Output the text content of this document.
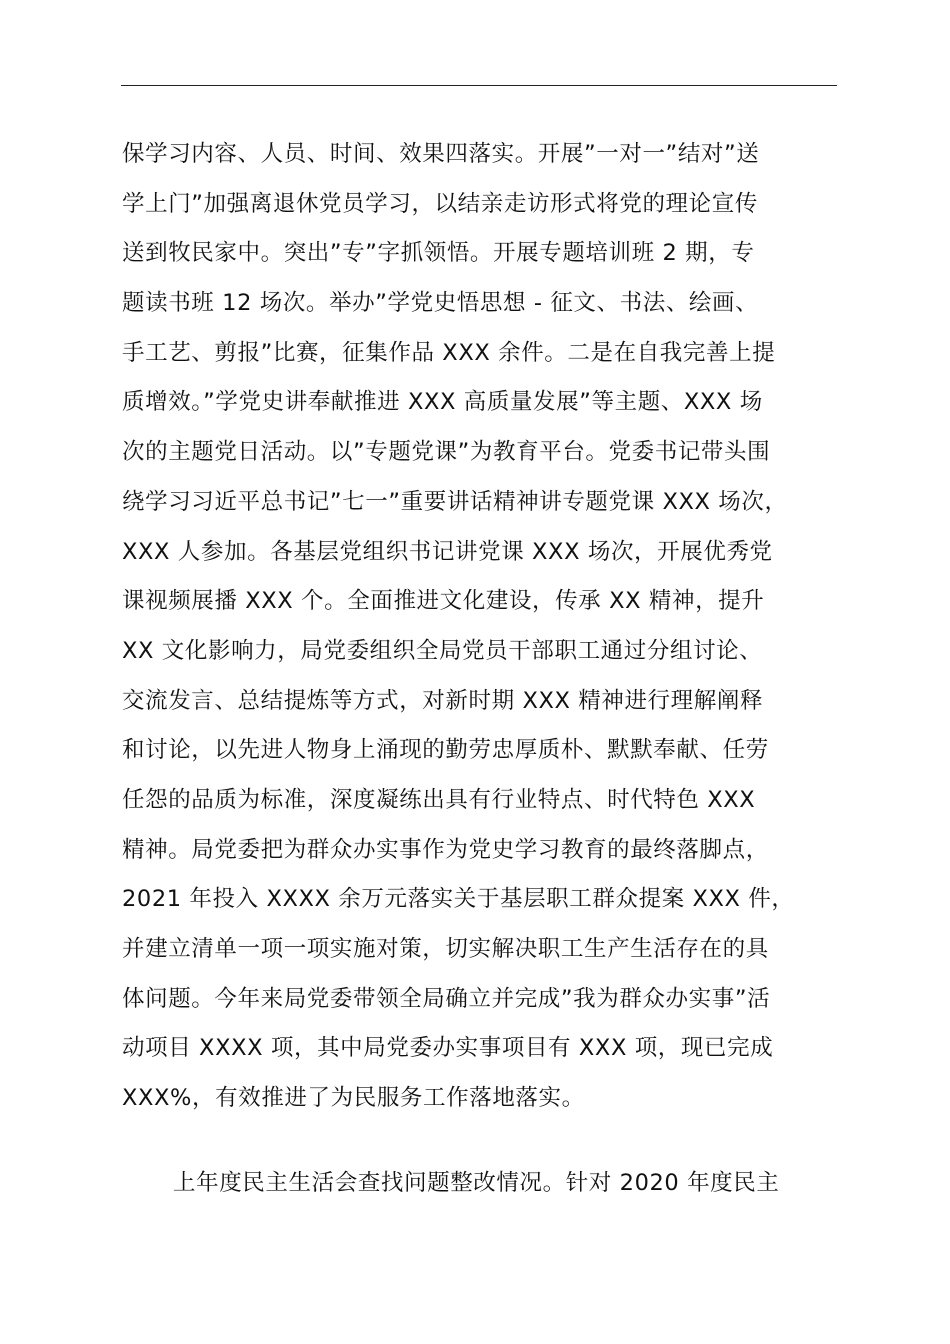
保学习内容、人员、时间、效果四落实。开展”一对一”结对”送
学上门”加强离退休党员学习，以结亲走访形式将党的理论宣传
送到牧民家中。突出”专”字抓领悟。开展专题培训班 2 期，专
题读书班 12 场次。举办”学党史悟思想 - 征文、书法、绘画、
手工艺、剪报”比赛，征集作品 XXX 余件。二是在自我完善上提
质增效。”学党史讲奉献推进 XXX 高质量发展”等主题、XXX 场
次的主题党日活动。以”专题党课”为教育平台。党委书记带头围
绕学习习近平总书记”七一”重要讲话精神讲专题党课 XXX 场次，
XXX 人参加。各基层党组织书记讲党课 XXX 场次，开展优秀党
课视频展播 XXX 个。全面推进文化建设，传承 XX 精神，提升
XX 文化影响力，局党委组织全局党员干部职工通过分组讨论、
交流发言、总结提炼等方式，对新时期 XXX 精神进行理解阐释
和讨论，以先进人物身上涌现的勤劳忠厚质朴、默默奉献、任劳
任怨的品质为标准，深度凝练出具有行业特点、时代特色 XXX
精神。局党委把为群众办实事作为党史学习教育的最终落脚点，
2021 年投入 XXXX 余万元落实关于基层职工群众提案 XXX 件，
并建立清单一项一项实施对策，切实解决职工生产生活存在的具
体问题。今年来局党委带领全局确立并完成”我为群众办实事”活
动项目 XXXX 项，其中局党委办实事项目有 XXX 项，现已完成
XXX%，有效推进了为民服务工作落地落实。
上年度民主生活会查找问题整改情况。针对 2020 年度民主
